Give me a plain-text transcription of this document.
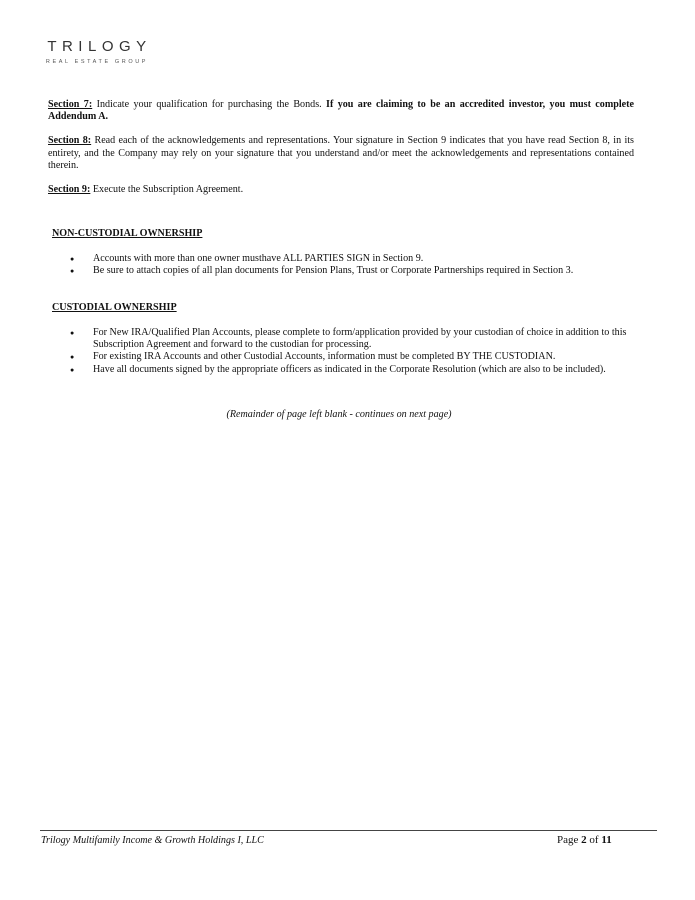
TRILOGY
REAL ESTATE GROUP

Section 7: Indicate your qualification for purchasing the Bonds. If you are claiming to be an accredited investor, you must complete Addendum A.

Section 8: Read each of the acknowledgements and representations. Your signature in Section 9 indicates that you have read Section 8, in its entirety, and the Company may rely on your signature that you understand and/or meet the acknowledgements and representations contained therein.

Section 9: Execute the Subscription Agreement.

NON-CUSTODIAL OWNERSHIP
● Accounts with more than one owner musthave ALL PARTIES SIGN in Section 9.
● Be sure to attach copies of all plan documents for Pension Plans, Trust or Corporate Partnerships required in Section 3.
CUSTODIAL OWNERSHIP
● For New IRA/Qualified Plan Accounts, please complete to form/application provided by your custodian of choice in addition to this Subscription Agreement and forward to the custodian for processing.
● For existing IRA Accounts and other Custodial Accounts, information must be completed BY THE CUSTODIAN.
● Have all documents signed by the appropriate officers as indicated in the Corporate Resolution (which are also to be included).
(Remainder of page left blank - continues on next page)
Trilogy Multifamily Income & Growth Holdings I, LLC	Page 2 of 11
